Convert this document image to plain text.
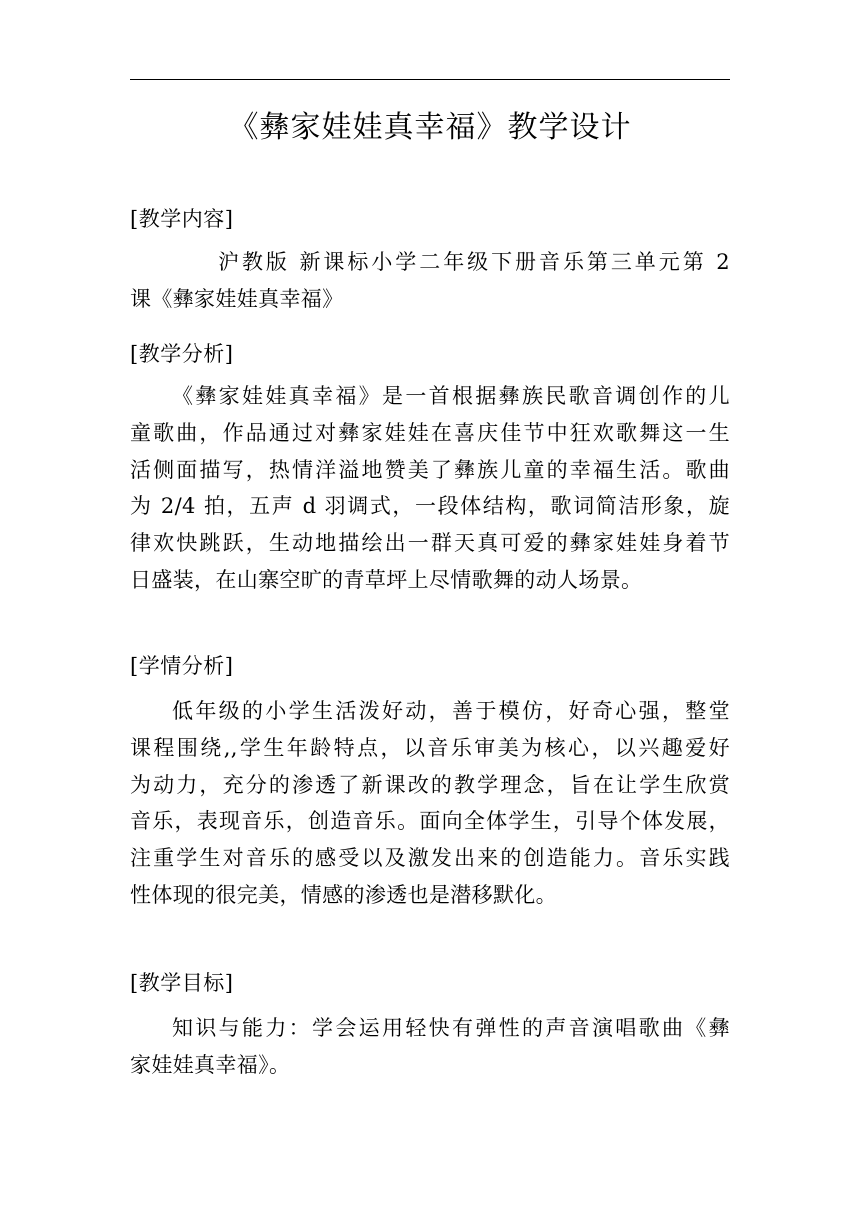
《彝家娃娃真幸福》教学设计
[教学内容]
沪教版 新课标小学二年级下册音乐第三单元第 2
课《彝家娃娃真幸福》
[教学分析]
《彝家娃娃真幸福》是一首根据彝族民歌音调创作的儿
童歌曲，作品通过对彝家娃娃在喜庆佳节中狂欢歌舞这一生
活侧面描写，热情洋溢地赞美了彝族儿童的幸福生活。歌曲
为 2/4 拍，五声 d 羽调式，一段体结构，歌词简洁形象，旋
律欢快跳跃，生动地描绘出一群天真可爱的彝家娃娃身着节
日盛装，在山寨空旷的青草坪上尽情歌舞的动人场景。
[学情分析]
低年级的小学生活泼好动，善于模仿，好奇心强，整堂
课程围绕,,学生年龄特点，以音乐审美为核心，以兴趣爱好
为动力，充分的渗透了新课改的教学理念，旨在让学生欣赏
音乐，表现音乐，创造音乐。面向全体学生，引导个体发展，
注重学生对音乐的感受以及激发出来的创造能力。音乐实践
性体现的很完美，情感的渗透也是潜移默化。
[教学目标]
知识与能力：学会运用轻快有弹性的声音演唱歌曲《彝
家娃娃真幸福》。
